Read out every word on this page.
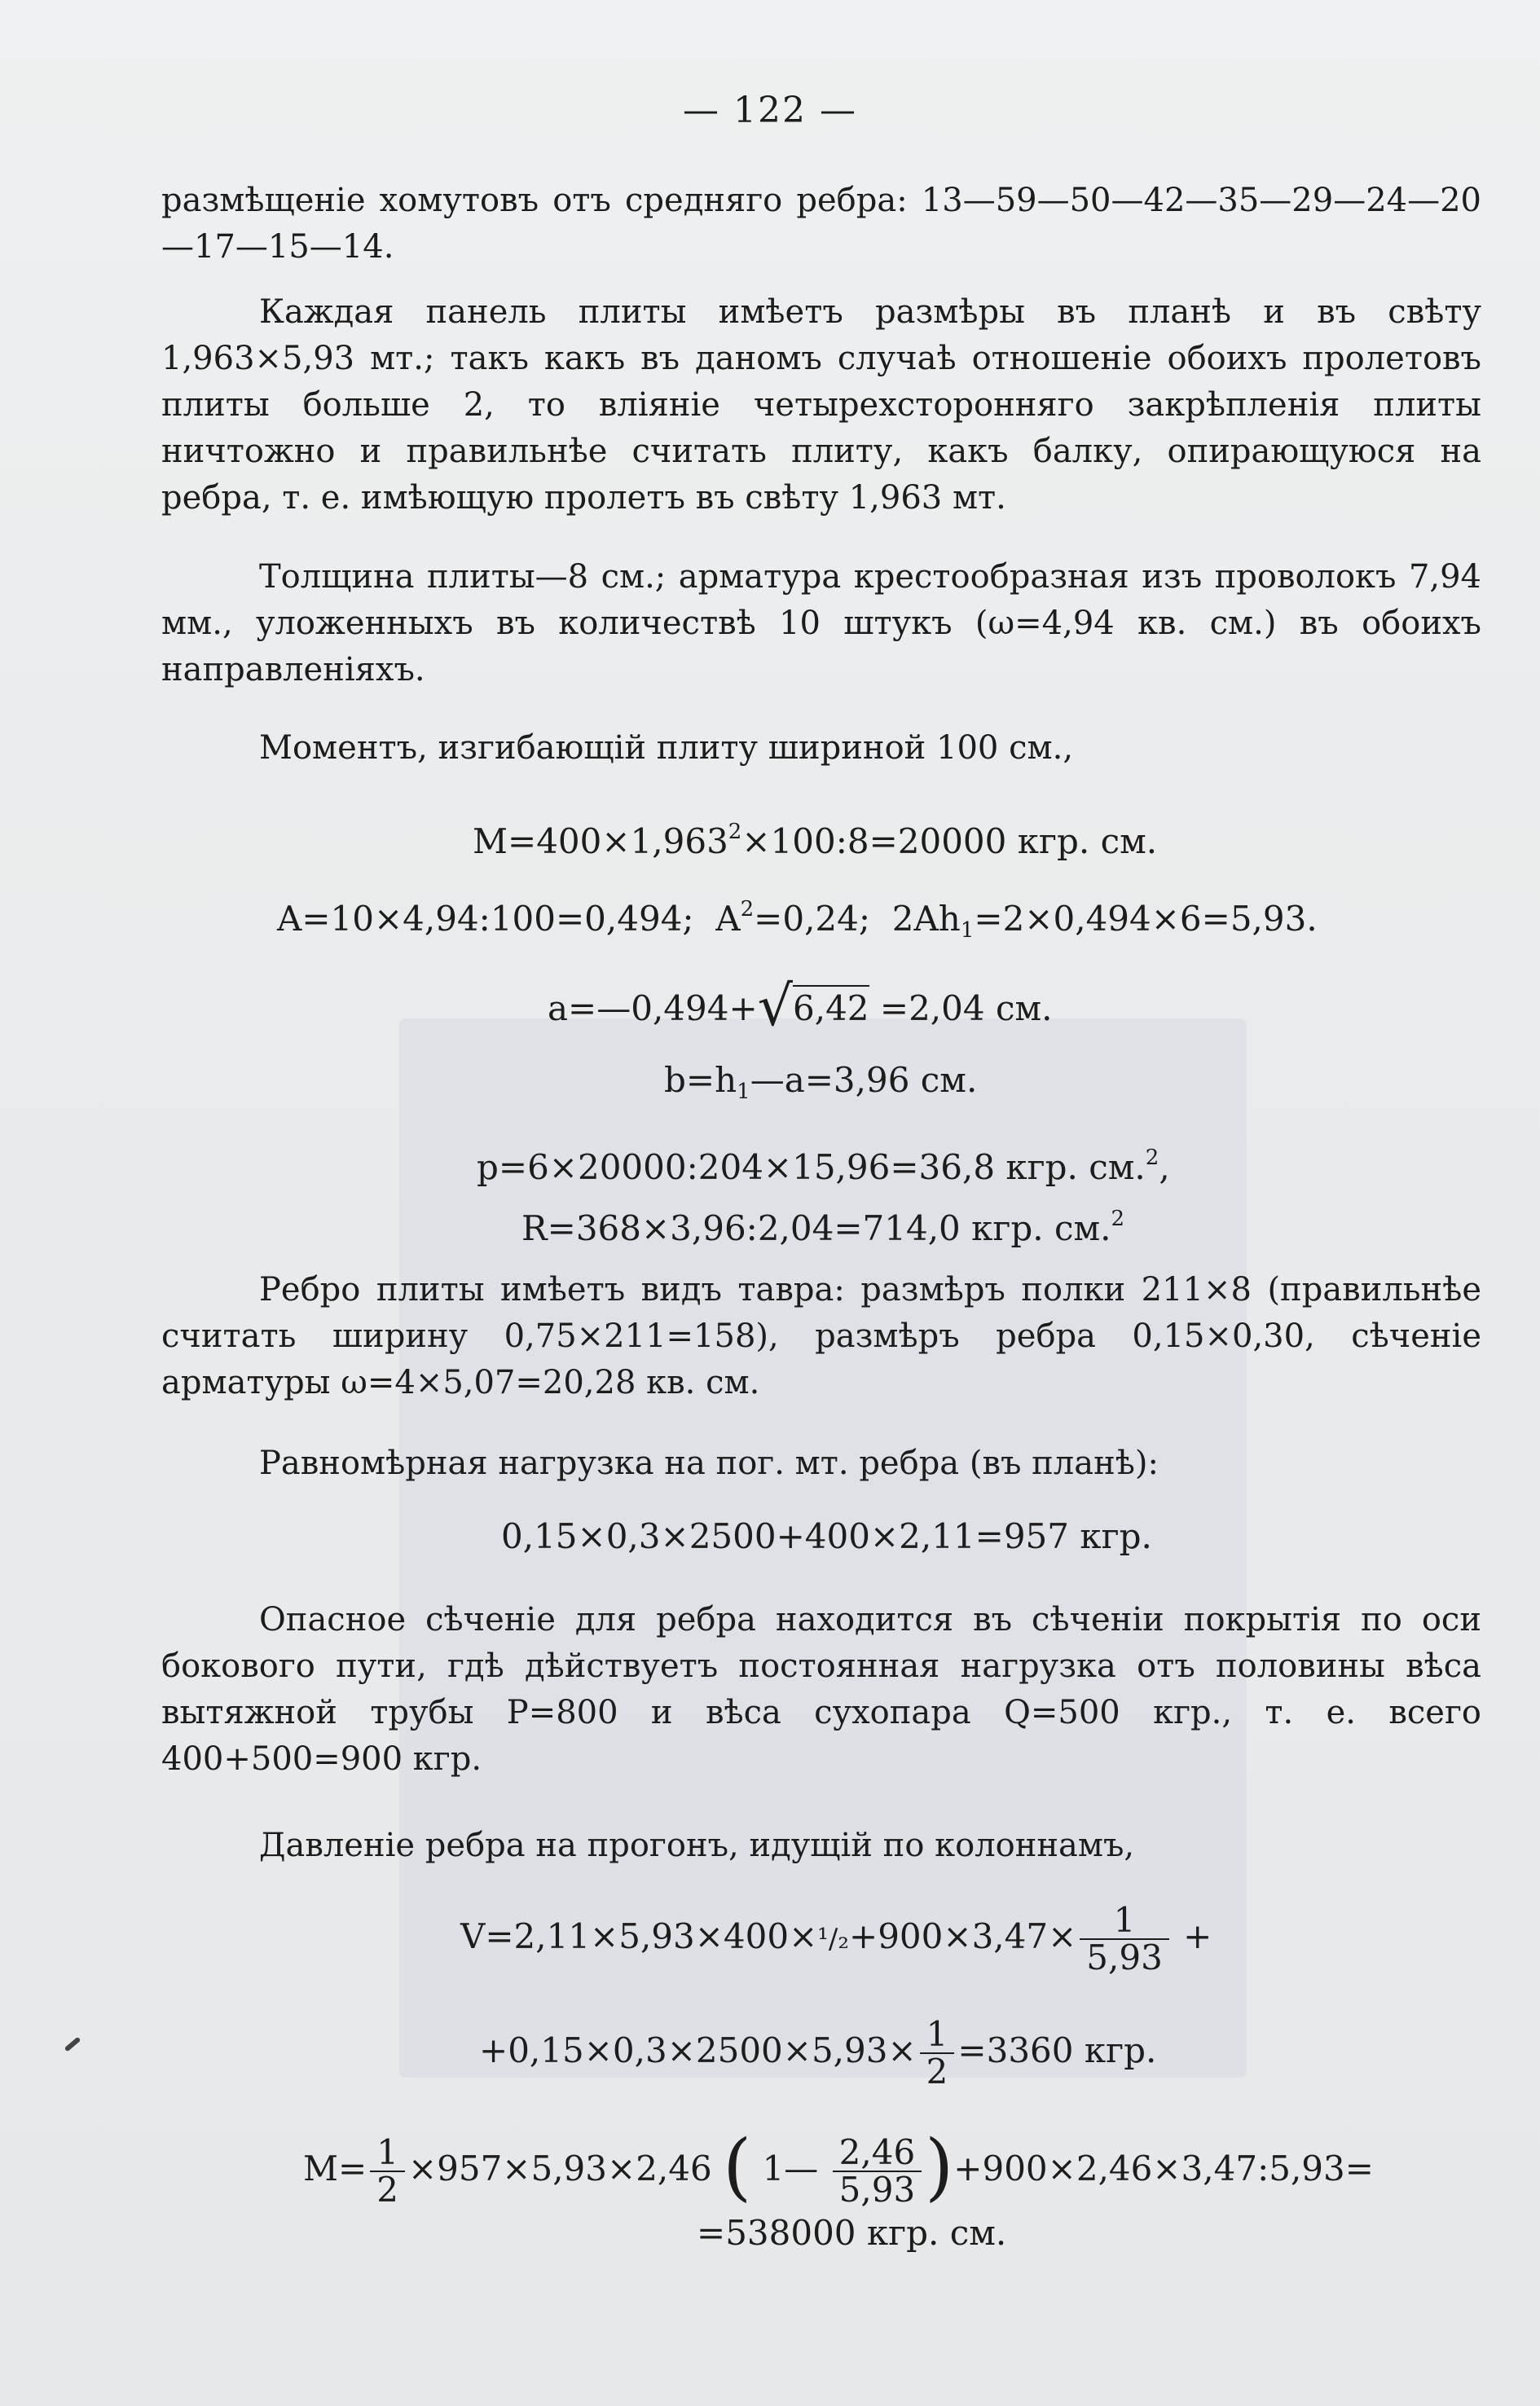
— 122 —

размѣщеніе хомутовъ отъ средняго ребра: 13—59—50—42—35—29—24—20—17—15—14.

Каждая панель плиты имѣетъ размѣры въ планѣ и въ свѣту 1,963×5,93 мт.; такъ какъ въ даномъ случаѣ отношеніе обоихъ пролетовъ плиты больше 2, то вліяніе четырехсторонняго закрѣпленія плиты ничтожно и правильнѣе считать плиту, какъ балку, опирающуюся на ребра, т. е. имѣющую пролетъ въ свѣту 1,963 мт.

Толщина плиты—8 см.; арматура крестообразная изъ проволокъ 7,94 мм., уложенныхъ въ количествѣ 10 штукъ (ω=4,94 кв. см.) въ обоихъ направленіяхъ.

Моментъ, изгибающій плиту шириной 100 см.,

$M=400\times 1,963^2\times 100:8=20000$ кгр. см.
A=10×4,94:100=0,494; $A^2=0,24$; $2Ah_1=2\times 0,494\times 6=5,93$.
a=—0,494+√6,42 =2,04 см.
$b=h_1—a=3,96$ см.
p=6×20000:204×15,96=36,8 кгр. см.$^2$,
R=368×3,96:2,04=714,0 кгр. см.$^2$

Ребро плиты имѣетъ видъ тавра: размѣръ полки 211×8 (правильнѣе считать ширину 0,75×211=158), размѣръ ребра 0,15×0,30, сѣченіе арматуры ω=4×5,07=20,28 кв. см.

Равномѣрная нагрузка на пог. мт. ребра (въ планѣ):

0,15×0,3×2500+400×2,11=957 кгр.

Опасное сѣченіе для ребра находится въ сѣченіи покрытія по оси бокового пути, гдѣ дѣйствуетъ постоянная нагрузка отъ половины вѣса вытяжной трубы P=800 и вѣса сухопара Q=500 кгр., т. е. всего 400+500=900 кгр.

Давленіе ребра на прогонъ, идущій по колоннамъ,

$V=2,11\times 5,93\times 400\times^1/_2+900\times 3,47\times \frac{1}{5,93}$ +
$+0,15\times 0,3\times 2500\times 5,93\times \frac{1}{2} =3360$ кгр.
$M= \frac{1}{2} \times 957\times 5,93\times 2,46$ ( 1— $\frac{2,46}{5,93}$ )+900×2,46×3,47:5,93=
=538000 кгр. см.
